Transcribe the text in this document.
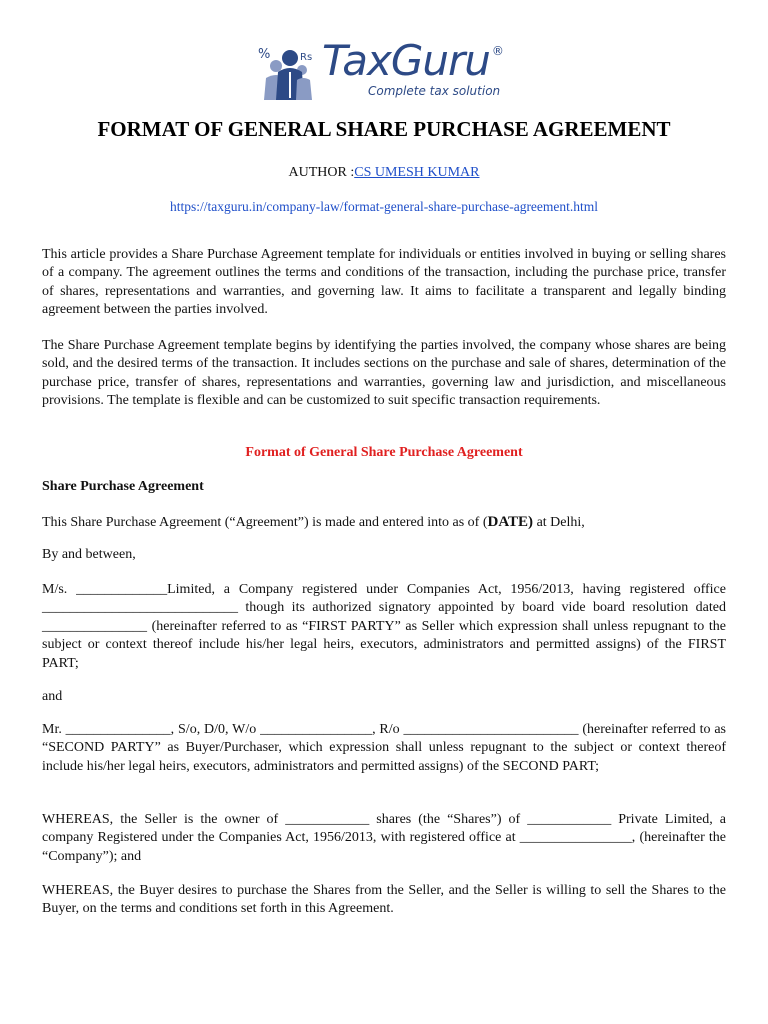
%	Rs TaxGuru ®
Complete tax solution
FORMAT OF GENERAL SHARE PURCHASE AGREEMENT
AUTHOR :CS UMESH KUMAR
https://taxguru.in/company-law/format-general-share-purchase-agreement.html

This article provides a Share Purchase Agreement template for individuals or entities involved in buying or selling shares of a company. The agreement outlines the terms and conditions of the transaction, including the purchase price, transfer of shares, representations and warranties, and governing law. It aims to facilitate a transparent and legally binding agreement between the parties involved.

The Share Purchase Agreement template begins by identifying the parties involved, the company whose shares are being sold, and the desired terms of the transaction. It includes sections on the purchase and sale of shares, determination of the purchase price, transfer of shares, representations and warranties, governing law and jurisdiction, and miscellaneous provisions. The template is flexible and can be customized to suit specific transaction requirements.

Format of General Share Purchase Agreement

Share Purchase Agreement

This Share Purchase Agreement (“Agreement”) is made and entered into as of (DATE) at Delhi,

By and between,

M/s. _____________Limited, a Company registered under Companies Act, 1956/2013, having registered office ____________________________ though its authorized signatory appointed by board vide board resolution dated _______________ (hereinafter referred to as “FIRST PARTY” as Seller which expression shall unless repugnant to the subject or context thereof include his/her legal heirs, executors, administrators and permitted assigns) of the FIRST PART;

and

Mr. _______________, S/o, D/0, W/o ________________, R/o _________________________ (hereinafter referred to as “SECOND PARTY” as Buyer/Purchaser, which expression shall unless repugnant to the subject or context thereof include his/her legal heirs, executors, administrators and permitted assigns) of the SECOND PART;

WHEREAS, the Seller is the owner of ____________ shares (the “Shares”) of ____________ Private Limited, a company Registered under the Companies Act, 1956/2013, with registered office at ________________, (hereinafter the “Company”); and

WHEREAS, the Buyer desires to purchase the Shares from the Seller, and the Seller is willing to sell the Shares to the Buyer, on the terms and conditions set forth in this Agreement.
